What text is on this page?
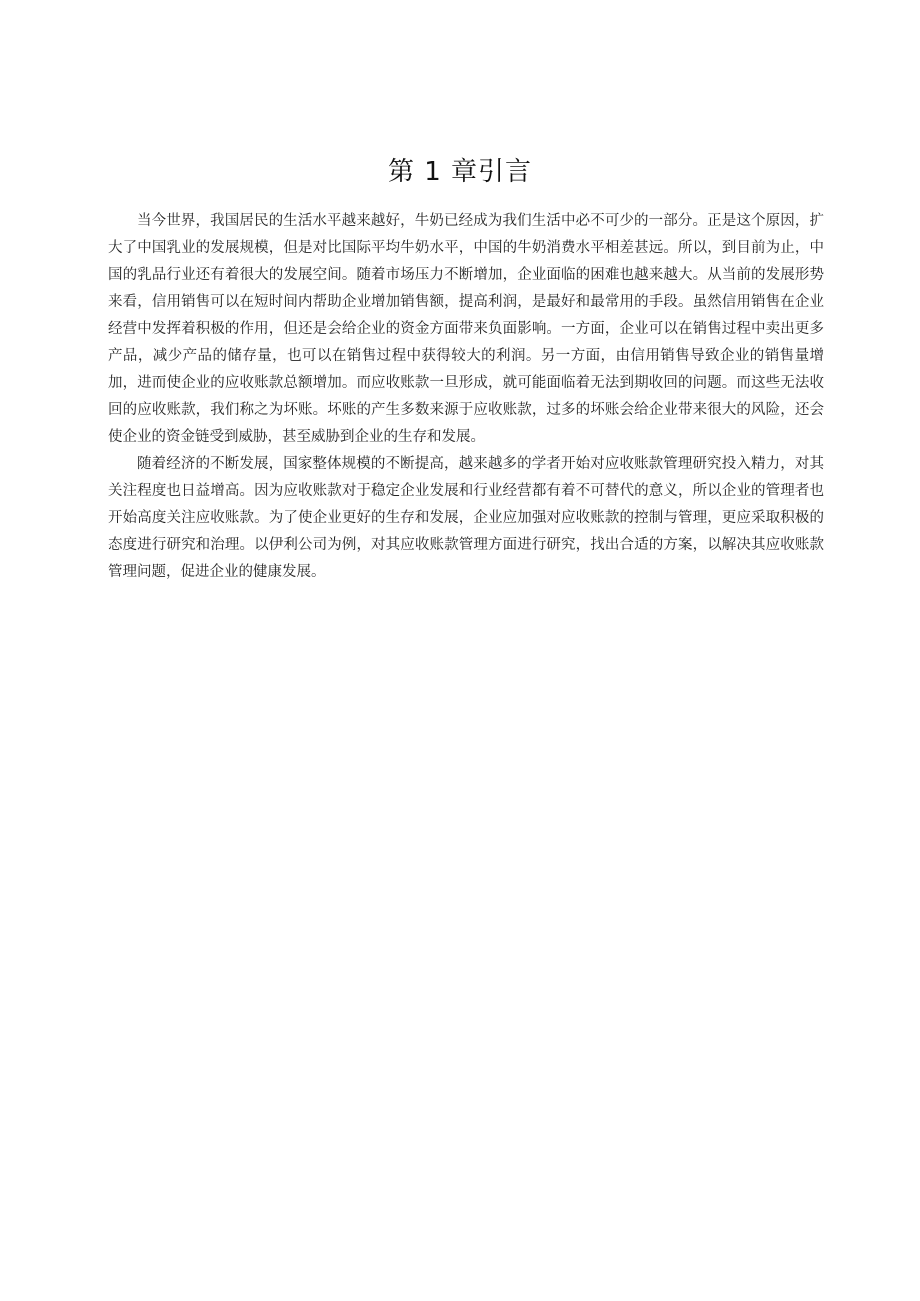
第 1 章引言

当今世界，我国居民的生活水平越来越好，牛奶已经成为我们生活中必不可少的一部分。正是这个原因，扩大了中国乳业的发展规模，但是对比国际平均牛奶水平，中国的牛奶消费水平相差甚远。所以，到目前为止，中国的乳品行业还有着很大的发展空间。随着市场压力不断增加，企业面临的困难也越来越大。从当前的发展形势来看，信用销售可以在短时间内帮助企业增加销售额，提高利润，是最好和最常用的手段。虽然信用销售在企业经营中发挥着积极的作用，但还是会给企业的资金方面带来负面影响。一方面，企业可以在销售过程中卖出更多产品，减少产品的储存量，也可以在销售过程中获得较大的利润。另一方面，由信用销售导致企业的销售量增加，进而使企业的应收账款总额增加。而应收账款一旦形成，就可能面临着无法到期收回的问题。而这些无法收回的应收账款，我们称之为坏账。坏账的产生多数来源于应收账款，过多的坏账会给企业带来很大的风险，还会使企业的资金链受到威胁，甚至威胁到企业的生存和发展。

随着经济的不断发展，国家整体规模的不断提高，越来越多的学者开始对应收账款管理研究投入精力，对其关注程度也日益增高。因为应收账款对于稳定企业发展和行业经营都有着不可替代的意义，所以企业的管理者也开始高度关注应收账款。为了使企业更好的生存和发展，企业应加强对应收账款的控制与管理，更应采取积极的态度进行研究和治理。以伊利公司为例，对其应收账款管理方面进行研究，找出合适的方案，以解决其应收账款管理问题，促进企业的健康发展。
